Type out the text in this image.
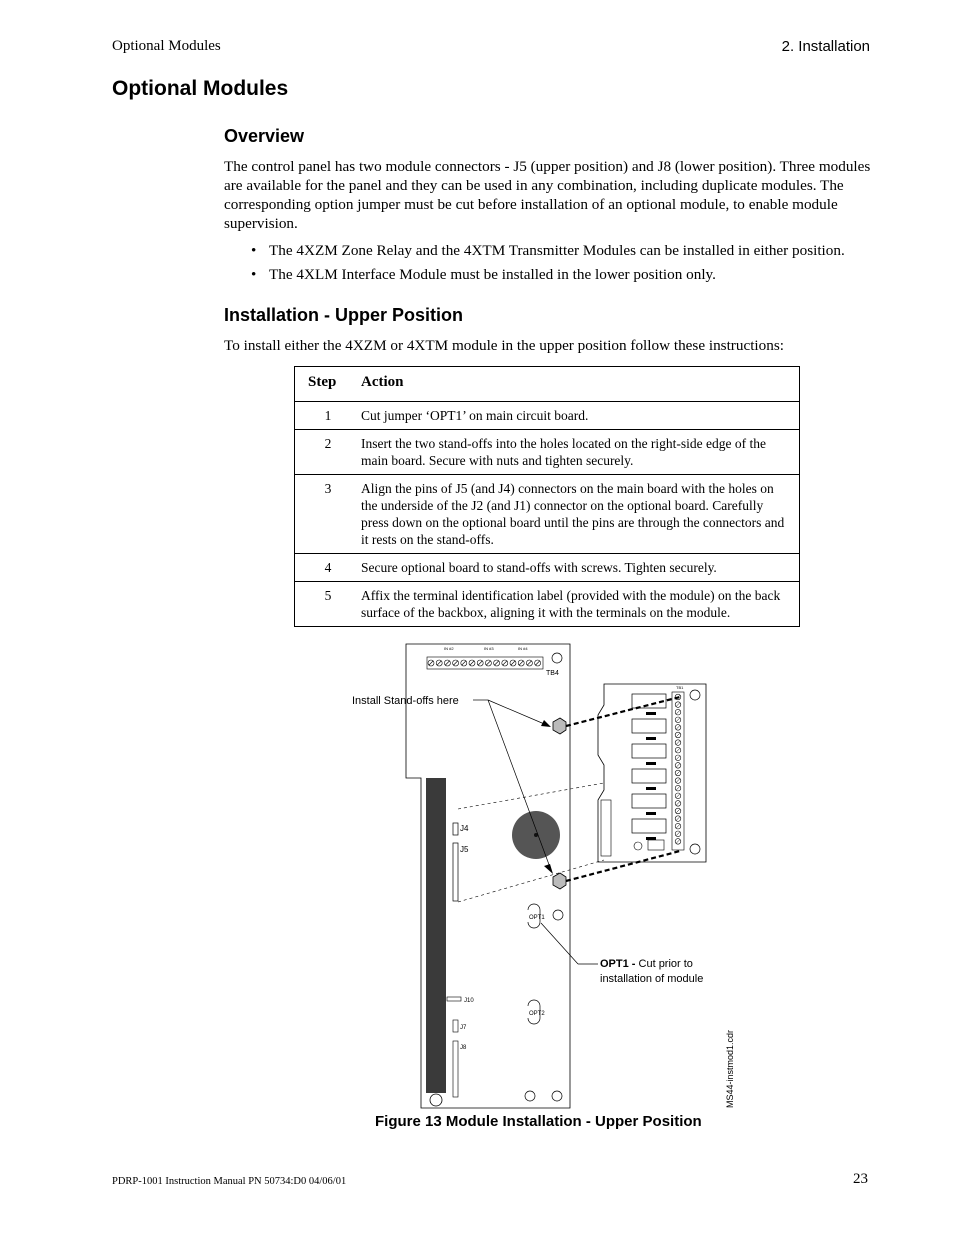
Optional Modules	2. Installation
Optional Modules
Overview

The control panel has two module connectors - J5 (upper position) and J8 (lower position). Three modules are available for the panel and they can be used in any combination, including duplicate modules. The corresponding option jumper must be cut before installation of an optional module, to enable module supervision.

• The 4XZM Zone Relay and the 4XTM Transmitter Modules can be installed in either position.
• The 4XLM Interface Module must be installed in the lower position only.
Installation - Upper Position

To install either the 4XZM or 4XTM module in the upper position follow these instructions:

Step	Action
1	Cut jumper ‘OPT1’ on main circuit board.
2	Insert the two stand-offs into the holes located on the right-side edge of the main board. Secure with nuts and tighten securely.
3	Align the pins of J5 (and J4) connectors on the main board with the holes on the underside of the J2 (and J1) connector on the optional board. Carefully press down on the optional board until the pins are through the connectors and it rests on the stand-offs.
4	Secure optional board to stand-offs with screws. Tighten securely.
5	Affix the terminal identification label (provided with the module) on the back surface of the backbox, aligning it with the terminals on the module.
IN #2	IN #3	IN #4
TB4
J4
J5
OPT1
OPT2
J10
J7
J8
TB1
Install Stand-offs here
OPT1 - Cut prior to
installation of module
MS44-instmod1.cdr
Figure 13 Module Installation - Upper Position
PDRP-1001 Instruction Manual PN 50734:D0 04/06/01	23
